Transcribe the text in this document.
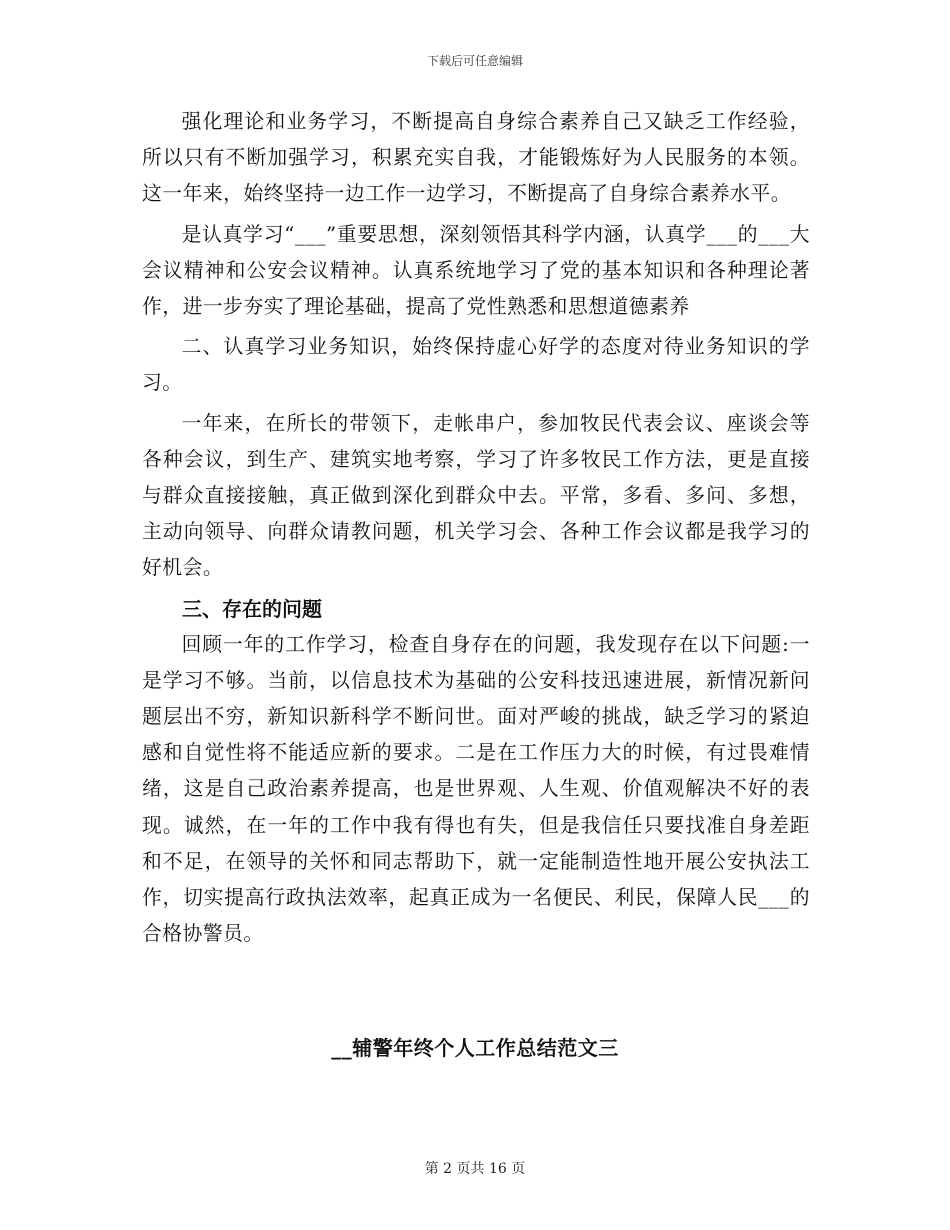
下载后可任意编辑

强化理论和业务学习，不断提高自身综合素养自己又缺乏工作经验，所以只有不断加强学习，积累充实自我，才能锻炼好为人民服务的本领。这一年来，始终坚持一边工作一边学习，不断提高了自身综合素养水平。

是认真学习“___”重要思想，深刻领悟其科学内涵，认真学___的___大会议精神和公安会议精神。认真系统地学习了党的基本知识和各种理论著作，进一步夯实了理论基础，提高了党性熟悉和思想道德素养

二、认真学习业务知识，始终保持虚心好学的态度对待业务知识的学习。

一年来，在所长的带领下，走帐串户，参加牧民代表会议、座谈会等各种会议，到生产、建筑实地考察，学习了许多牧民工作方法，更是直接与群众直接接触，真正做到深化到群众中去。平常，多看、多问、多想，主动向领导、向群众请教问题，机关学习会、各种工作会议都是我学习的好机会。

三、存在的问题

回顾一年的工作学习，检查自身存在的问题，我发现存在以下问题:一是学习不够。当前，以信息技术为基础的公安科技迅速进展，新情况新问题层出不穷，新知识新科学不断问世。面对严峻的挑战，缺乏学习的紧迫感和自觉性将不能适应新的要求。二是在工作压力大的时候，有过畏难情绪，这是自己政治素养提高，也是世界观、人生观、价值观解决不好的表现。诚然，在一年的工作中我有得也有失，但是我信任只要找准自身差距和不足，在领导的关怀和同志帮助下，就一定能制造性地开展公安执法工作，切实提高行政执法效率，起真正成为一名便民、利民，保障人民___的合格协警员。

__辅警年终个人工作总结范文三
第 2 页共 16 页
